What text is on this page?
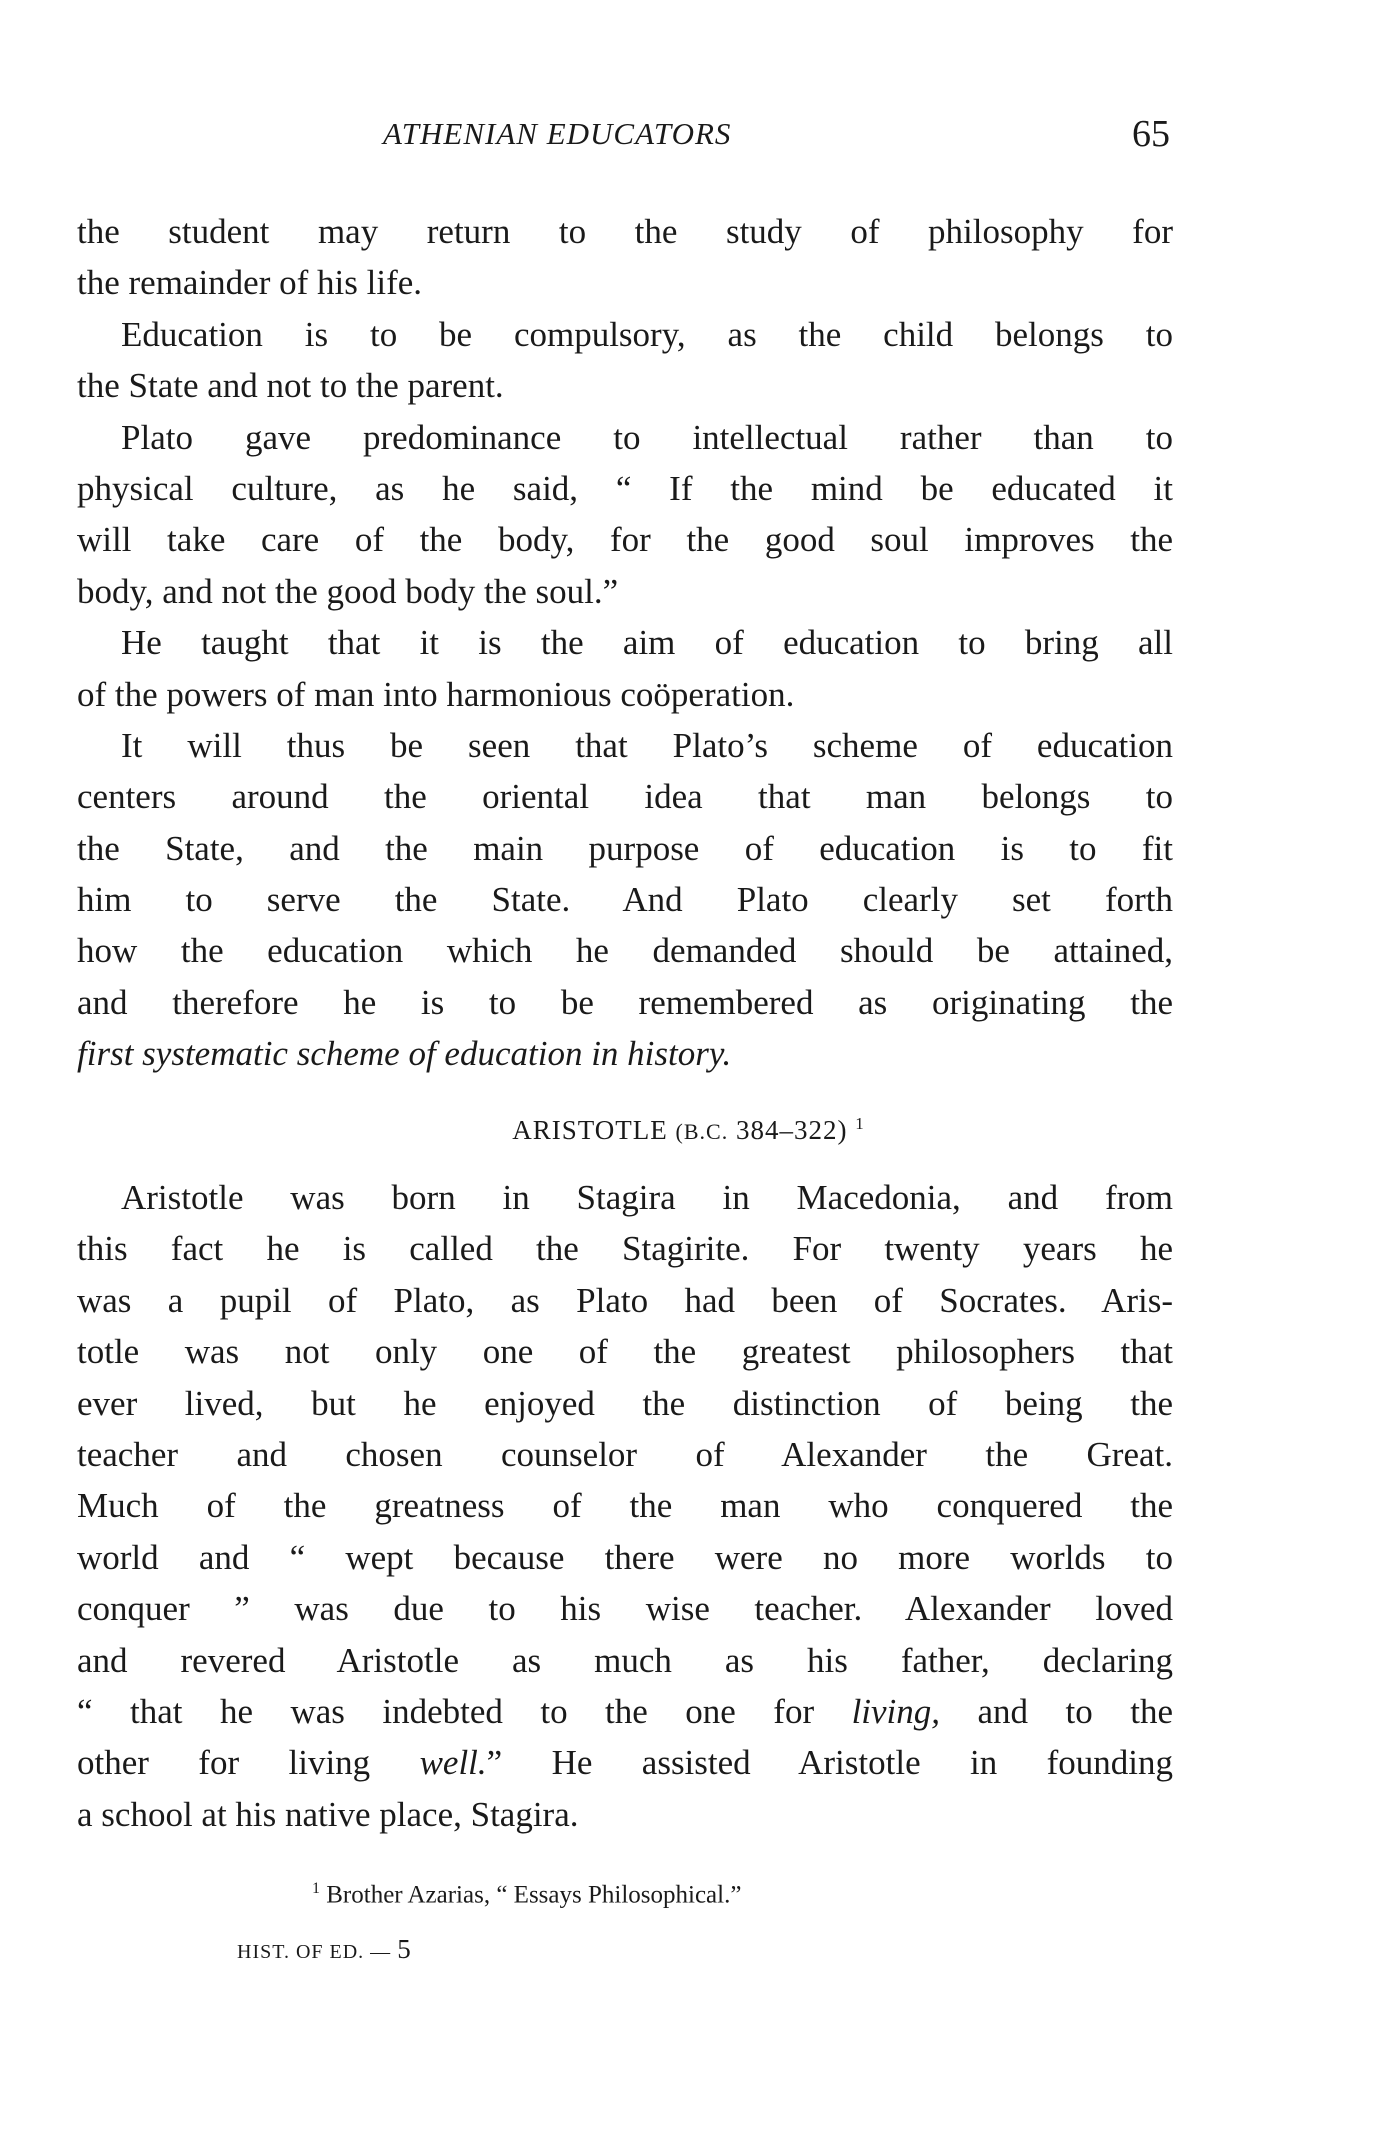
ATHENIAN EDUCATORS	65
the student may return to the study of philosophy for
the remainder of his life.
Education is to be compulsory, as the child belongs to
the State and not to the parent.
Plato gave predominance to intellectual rather than to
physical culture, as he said, “ If the mind be educated it
will take care of the body, for the good soul improves the
body, and not the good body the soul.”
He taught that it is the aim of education to bring all
of the powers of man into harmonious coöperation.
It will thus be seen that Plato’s scheme of education
centers around the oriental idea that man belongs to
the State, and the main purpose of education is to fit
him to serve the State. And Plato clearly set forth
how the education which he demanded should be attained,
and therefore he is to be remembered as originating the
first systematic scheme of education in history.
ARISTOTLE (B.C. 384–322) $^1$
Aristotle was born in Stagira in Macedonia, and from
this fact he is called the Stagirite. For twenty years he
was a pupil of Plato, as Plato had been of Socrates. Aris-
totle was not only one of the greatest philosophers that
ever lived, but he enjoyed the distinction of being the
teacher and chosen counselor of Alexander the Great.
Much of the greatness of the man who conquered the
world and “ wept because there were no more worlds to
conquer ” was due to his wise teacher. Alexander loved
and revered Aristotle as much as his father, declaring
“ that he was indebted to the one for living, and to the
other for living well.” He assisted Aristotle in founding
a school at his native place, Stagira.
$^1$ Brother Azarias, “ Essays Philosophical.”
HIST. OF ED. — 5
